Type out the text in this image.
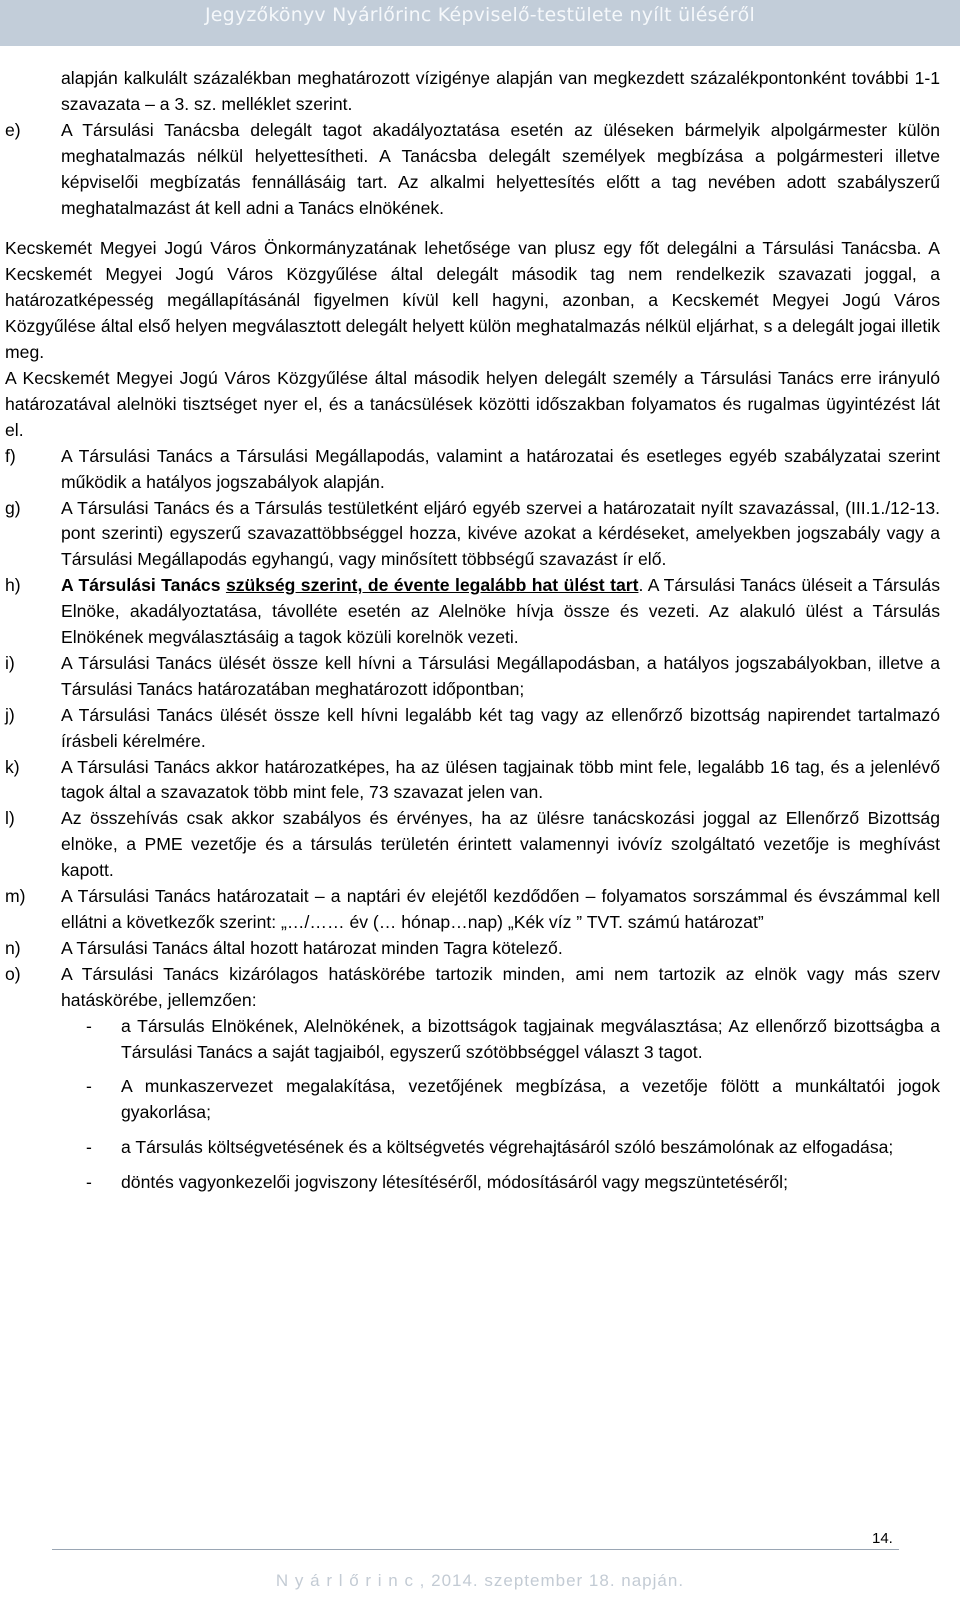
Jegyzőkönyv Nyárlőrinc Képviselő-testülete nyílt üléséről
alapján kalkulált százalékban meghatározott vízigénye alapján van megkezdett százalékpontonként további 1-1 szavazata – a 3. sz. melléklet szerint.
e)	A Társulási Tanácsba delegált tagot akadályoztatása esetén az üléseken bármelyik alpolgármester külön meghatalmazás nélkül helyettesítheti. A Tanácsba delegált személyek megbízása a polgármesteri illetve képviselői megbízatás fennállásáig tart. Az alkalmi helyettesítés előtt a tag nevében adott szabályszerű meghatalmazást át kell adni a Tanács elnökének.

Kecskemét Megyei Jogú Város Önkormányzatának lehetősége van plusz egy főt delegálni a Társulási Tanácsba. A Kecskemét Megyei Jogú Város Közgyűlése által delegált második tag nem rendelkezik szavazati joggal, a határozatképesség megállapításánál figyelmen kívül kell hagyni, azonban, a Kecskemét Megyei Jogú Város Közgyűlése által első helyen megválasztott delegált helyett külön meghatalmazás nélkül eljárhat, s a delegált jogai illetik meg.

A Kecskemét Megyei Jogú Város Közgyűlése által második helyen delegált személy a Társulási Tanács erre irányuló határozatával alelnöki tisztséget nyer el, és a tanácsülések közötti időszakban folyamatos és rugalmas ügyintézést lát el.

f)	A Társulási Tanács a Társulási Megállapodás, valamint a határozatai és esetleges egyéb szabályzatai szerint működik a hatályos jogszabályok alapján.
g)	A Társulási Tanács és a Társulás testületként eljáró egyéb szervei a határozatait nyílt szavazással, (III.1./12-13. pont szerinti) egyszerű szavazattöbbséggel hozza, kivéve azokat a kérdéseket, amelyekben jogszabály vagy a Társulási Megállapodás egyhangú, vagy minősített többségű szavazást ír elő.
h)	A Társulási Tanács szükség szerint, de évente legalább hat ülést tart. A Társulási Tanács üléseit a Társulás Elnöke, akadályoztatása, távolléte esetén az Alelnöke hívja össze és vezeti. Az alakuló ülést a Társulás Elnökének megválasztásáig a tagok közüli korelnök vezeti.
i)	A Társulási Tanács ülését össze kell hívni a Társulási Megállapodásban, a hatályos jogszabályokban, illetve a Társulási Tanács határozatában meghatározott időpontban;
j)	A Társulási Tanács ülését össze kell hívni legalább két tag vagy az ellenőrző bizottság napirendet tartalmazó írásbeli kérelmére.
k)	A Társulási Tanács akkor határozatképes, ha az ülésen tagjainak több mint fele, legalább 16 tag, és a jelenlévő tagok által a szavazatok több mint fele, 73 szavazat jelen van.
l)	Az összehívás csak akkor szabályos és érvényes, ha az ülésre tanácskozási joggal az Ellenőrző Bizottság elnöke, a PME vezetője és a társulás területén érintett valamennyi ivóvíz szolgáltató vezetője is meghívást kapott.
m)	A Társulási Tanács határozatait – a naptári év elejétől kezdődően – folyamatos sorszámmal és évszámmal kell ellátni a következők szerint: „…/…… év (… hónap…nap) „Kék víz ” TVT. számú határozat”
n)	A Társulási Tanács által hozott határozat minden Tagra kötelező.
o)	A Társulási Tanács kizárólagos hatáskörébe tartozik minden, ami nem tartozik az elnök vagy más szerv hatáskörébe, jellemzően:
-	a Társulás Elnökének, Alelnökének, a bizottságok tagjainak megválasztása; Az ellenőrző bizottságba a Társulási Tanács a saját tagjaiból, egyszerű szótöbbséggel választ 3 tagot.
-	A munkaszervezet megalakítása, vezetőjének megbízása, a vezetője fölött a munkáltatói jogok gyakorlása;
-	a Társulás költségvetésének és a költségvetés végrehajtásáról szóló beszámolónak az elfogadása;
-	döntés vagyonkezelői jogviszony létesítéséről, módosításáról vagy megszüntetéséről;
14.
N y á r l ő r i n c , 2014. szeptember 18. napján.
